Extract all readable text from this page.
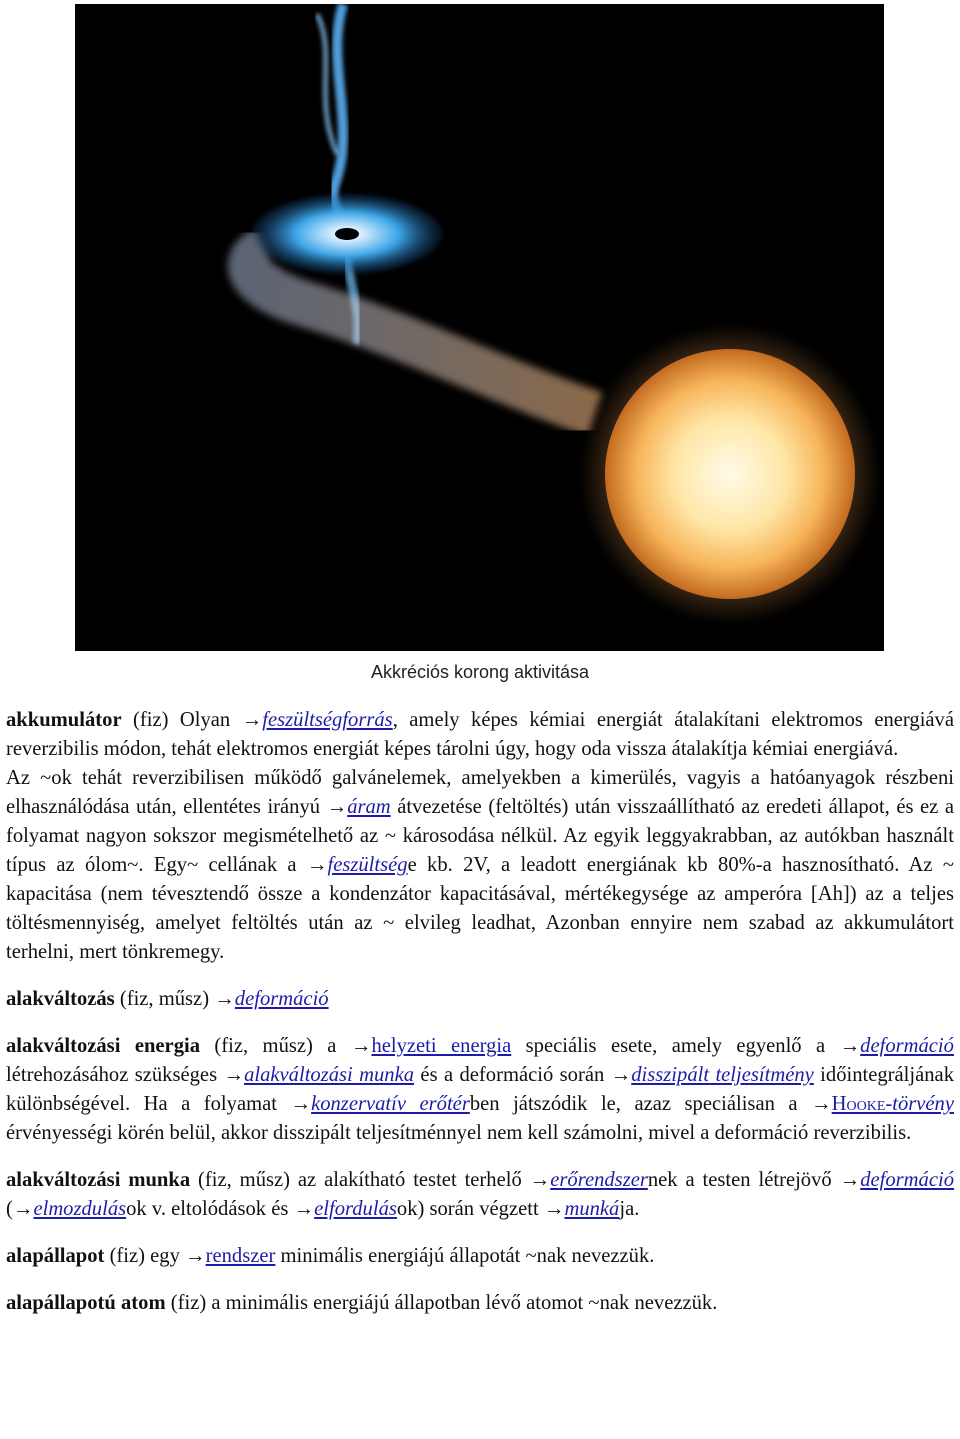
Akkréciós korong aktivitása
akkumulátor (fiz) Olyan →feszültségforrás, amely képes kémiai energiát átalakítani elektromos energiává reverzibilis módon, tehát elektromos energiát képes tárolni úgy, hogy oda vissza átalakítja kémiai energiává.
Az ~ok tehát reverzibilisen működő galvánelemek, amelyekben a kimerülés, vagyis a hatóanyagok részbeni elhasználódása után, ellentétes irányú →áram átvezetése (feltöltés) után visszaállítható az eredeti állapot, és ez a folyamat nagyon sokszor megismételhető az ~ károsodása nélkül. Az egyik leggyakrabban, az autókban használt típus az ólom~. Egy~ cellának a →feszültsége kb. 2V, a leadott energiának kb 80%-a hasznosítható. Az ~ kapacitása (nem tévesztendő össze a kondenzátor kapacitásával, mértékegysége az amperóra [Ah]) az a teljes töltésmennyiség, amelyet feltöltés után az ~ elvileg leadhat, Azonban ennyire nem szabad az akkumulátort terhelni, mert tönkremegy.
alakváltozás (fiz, műsz) →deformáció
alakváltozási energia (fiz, műsz) a →helyzeti energia speciális esete, amely egyenlő a →deformáció létrehozásához szükséges →alakváltozási munka és a deformáció során →disszipált teljesítmény időintegráljának különbségével. Ha a folyamat →konzervatív erőtérben játszódik le, azaz speciálisan a →Hooke-törvény érvényességi körén belül, akkor disszipált teljesítménnyel nem kell számolni, mivel a deformáció reverzibilis.
alakváltozási munka (fiz, műsz) az alakítható testet terhelő →erőrendszernek a testen létrejövő →deformáció (→elmozdulások v. eltolódások és →elfordulások) során végzett →munkája.
alapállapot (fiz) egy →rendszer minimális energiájú állapotát ~nak nevezzük.
alapállapotú atom (fiz) a minimális energiájú állapotban lévő atomot ~nak nevezzük.
